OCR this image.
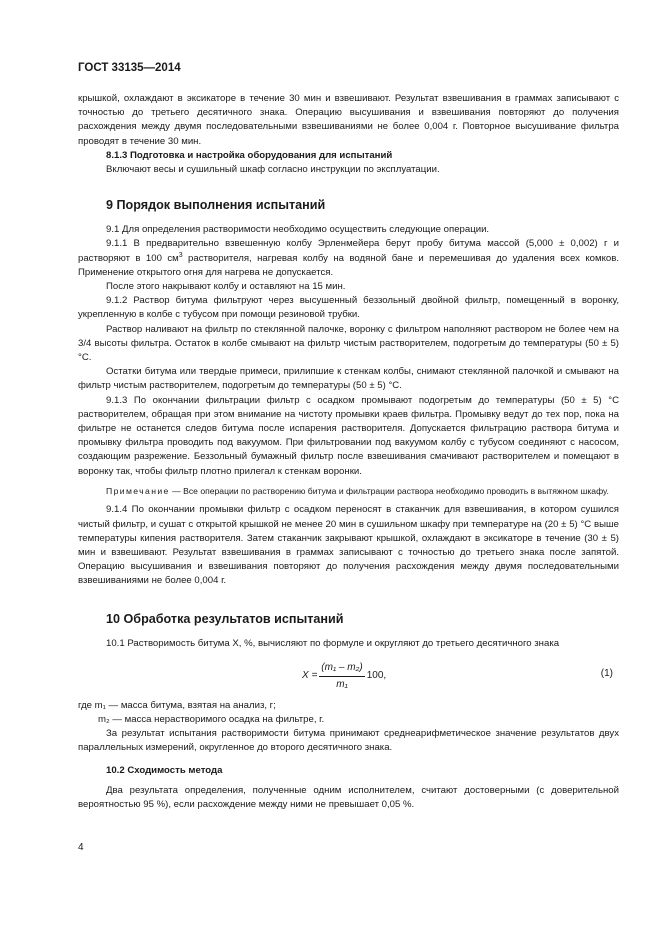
ГОСТ 33135—2014

крышкой, охлаждают в эксикаторе в течение 30 мин и взвешивают. Результат взвешивания в граммах записывают с точностью до третьего десятичного знака. Операцию высушивания и взвешивания повторяют до получения расхождения между двумя последовательными взвешиваниями не более 0,004 г. Повторное высушивание фильтра проводят в течение 30 мин.

8.1.3 Подготовка и настройка оборудования для испытаний

Включают весы и сушильный шкаф согласно инструкции по эксплуатации.

9 Порядок выполнения испытаний

9.1 Для определения растворимости необходимо осуществить следующие операции.

9.1.1 В предварительно взвешенную колбу Эрленмейера берут пробу битума массой (5,000 ± 0,002) г и растворяют в 100 $см^3$ растворителя, нагревая колбу на водяной бане и перемешивая до удаления всех комков. Применение открытого огня для нагрева не допускается.

После этого накрывают колбу и оставляют на 15 мин.

9.1.2 Раствор битума фильтруют через высушенный беззольный двойной фильтр, помещенный в воронку, укрепленную в колбе с тубусом при помощи резиновой трубки.

Раствор наливают на фильтр по стеклянной палочке, воронку с фильтром наполняют раствором не более чем на 3/4 высоты фильтра. Остаток в колбе смывают на фильтр чистым растворителем, подогретым до температуры (50 ± 5) °C.

Остатки битума или твердые примеси, прилипшие к стенкам колбы, снимают стеклянной палочкой и смывают на фильтр чистым растворителем, подогретым до температуры (50 ± 5) °C.

9.1.3 По окончании фильтрации фильтр с осадком промывают подогретым до температуры (50 ± 5) °C растворителем, обращая при этом внимание на чистоту промывки краев фильтра. Промывку ведут до тех пор, пока на фильтре не останется следов битума после испарения растворителя. Допускается фильтрацию раствора битума и промывку фильтра проводить под вакуумом. При фильтровании под вакуумом колбу с тубусом соединяют с насосом, создающим разрежение. Беззольный бумажный фильтр после взвешивания смачивают растворителем и помещают в воронку так, чтобы фильтр плотно прилегал к стенкам воронки.

Примечание — Все операции по растворению битума и фильтрации раствора необходимо проводить в вытяжном шкафу.

9.1.4 По окончании промывки фильтр с осадком переносят в стаканчик для взвешивания, в котором сушился чистый фильтр, и сушат с открытой крышкой не менее 20 мин в сушильном шкафу при температуре на (20 ± 5) °C выше температуры кипения растворителя. Затем стаканчик закрывают крышкой, охлаждают в эксикаторе в течение (30 ± 5) мин и взвешивают. Результат взвешивания в граммах записывают с точностью до третьего знака после запятой. Операцию высушивания и взвешивания повторяют до получения расхождения между двумя последовательными взвешиваниями не более 0,004 г.

10 Обработка результатов испытаний

10.1 Растворимость битума X, %, вычисляют по формуле и округляют до третьего десятичного знака

$X = \frac{\text{(m₁ – m₂)}}{\text{m₁}} 100$,	(1)

где m₁ — масса битума, взятая на анализ, г;

m₂ — масса нерастворимого осадка на фильтре, г.

За результат испытания растворимости битума принимают среднеарифметическое значение результатов двух параллельных измерений, округленное до второго десятичного знака.

10.2 Сходимость метода

Два результата определения, полученные одним исполнителем, считают достоверными (с доверительной вероятностью 95 %), если расхождение между ними не превышает 0,05 %.

4
